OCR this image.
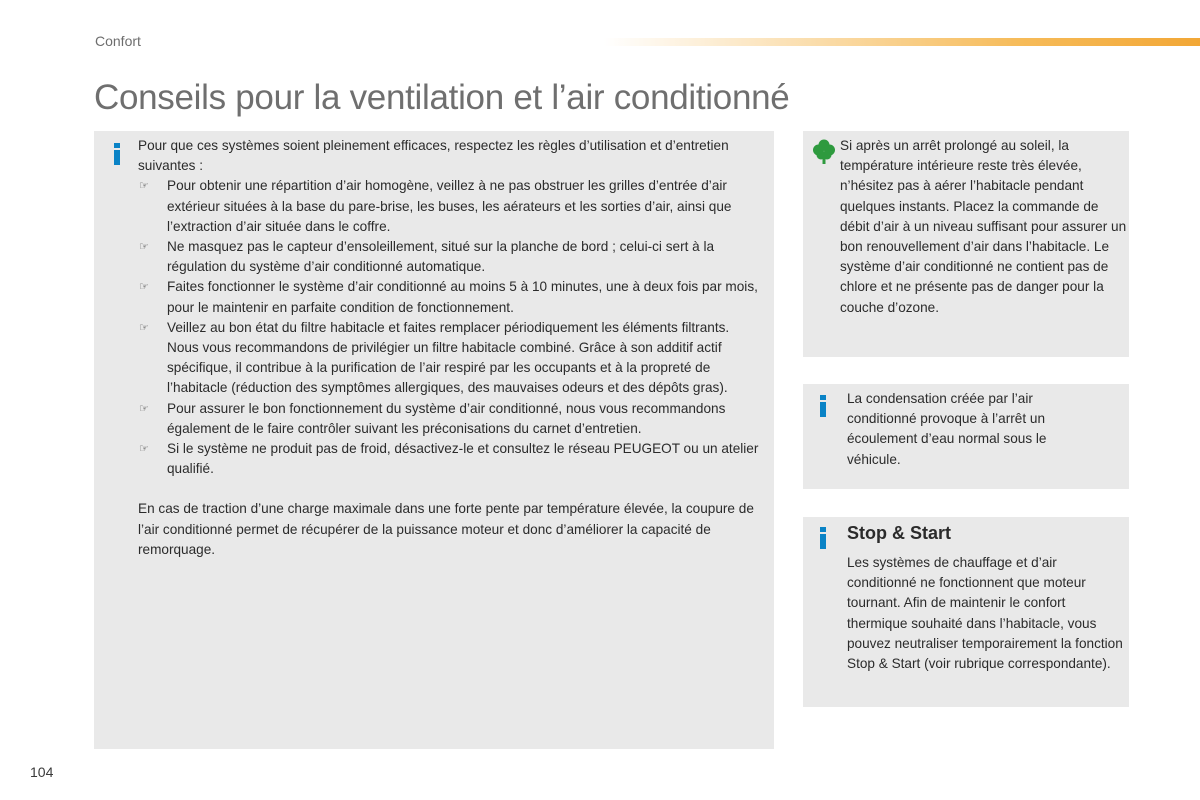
Confort
Conseils pour la ventilation et l’air conditionné
Pour que ces systèmes soient pleinement efficaces, respectez les règles d’utilisation et d’entretien suivantes :
☞ Pour obtenir une répartition d’air homogène, veillez à ne pas obstruer les grilles d’entrée d’air extérieur situées à la base du pare-brise, les buses, les aérateurs et les sorties d’air, ainsi que l’extraction d’air située dans le coffre.
☞ Ne masquez pas le capteur d’ensoleillement, situé sur la planche de bord ; celui-ci sert à la régulation du système d’air conditionné automatique.
☞ Faites fonctionner le système d’air conditionné au moins 5 à 10 minutes, une à deux fois par mois, pour le maintenir en parfaite condition de fonctionnement.
☞ Veillez au bon état du filtre habitacle et faites remplacer périodiquement les éléments filtrants.
Nous vous recommandons de privilégier un filtre habitacle combiné. Grâce à son additif actif spécifique, il contribue à la purification de l’air respiré par les occupants et à la propreté de l’habitacle (réduction des symptômes allergiques, des mauvaises odeurs et des dépôts gras).
☞ Pour assurer le bon fonctionnement du système d’air conditionné, nous vous recommandons également de le faire contrôler suivant les préconisations du carnet d’entretien.
☞ Si le système ne produit pas de froid, désactivez-le et consultez le réseau PEUGEOT ou un atelier qualifié.
En cas de traction d’une charge maximale dans une forte pente par température élevée, la coupure de l’air conditionné permet de récupérer de la puissance moteur et donc d’améliorer la capacité de remorquage.
Si après un arrêt prolongé au soleil, la température intérieure reste très élevée, n’hésitez pas à aérer l’habitacle pendant quelques instants. Placez la commande de débit d’air à un niveau suffisant pour assurer un bon renouvellement d’air dans l’habitacle. Le système d’air conditionné ne contient pas de chlore et ne présente pas de danger pour la couche d’ozone.
La condensation créée par l’air conditionné provoque à l’arrêt un écoulement d’eau normal sous le véhicule.
Stop & Start
Les systèmes de chauffage et d’air conditionné ne fonctionnent que moteur tournant. Afin de maintenir le confort thermique souhaité dans l’habitacle, vous pouvez neutraliser temporairement la fonction Stop & Start (voir rubrique correspondante).
104
